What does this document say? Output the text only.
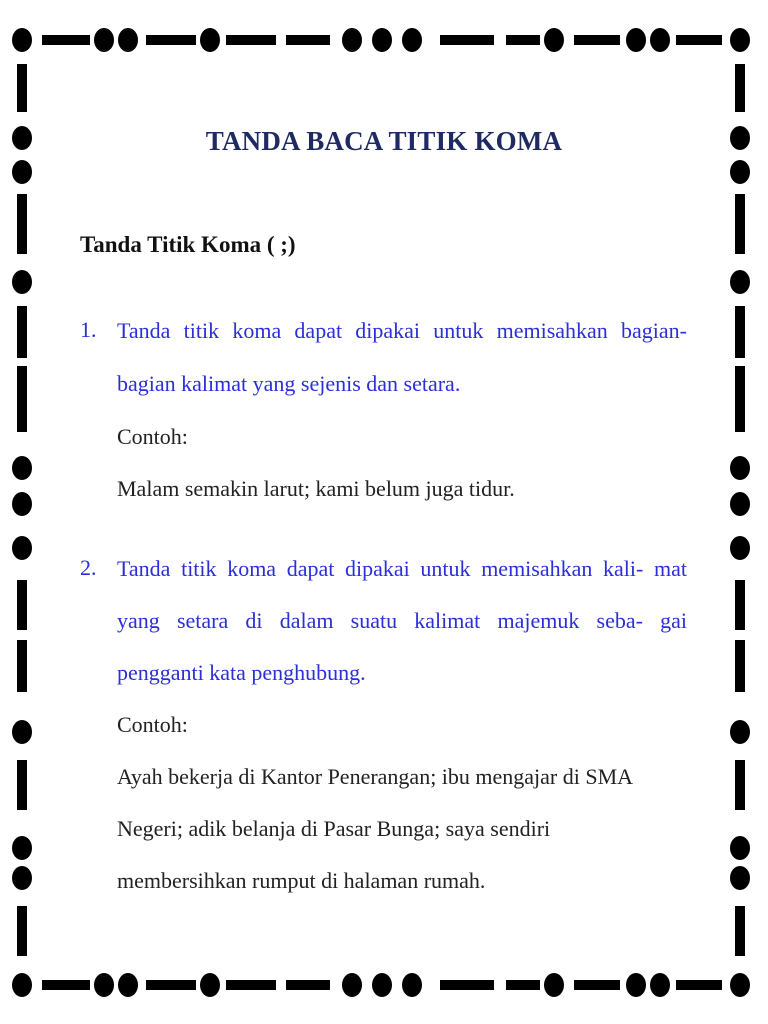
TANDA BACA TITIK KOMA
Tanda Titik Koma ( ;)
1. Tanda titik koma dapat dipakai untuk memisahkan bagian-
bagian kalimat yang sejenis dan setara.
Contoh:
Malam semakin larut; kami belum juga tidur.
2. Tanda titik koma dapat dipakai untuk memisahkan kali- mat
yang setara di dalam suatu kalimat majemuk seba- gai
pengganti kata penghubung.
Contoh:
Ayah bekerja di Kantor Penerangan; ibu mengajar di SMA
Negeri; adik belanja di Pasar Bunga; saya sendiri
membersihkan rumput di halaman rumah.
